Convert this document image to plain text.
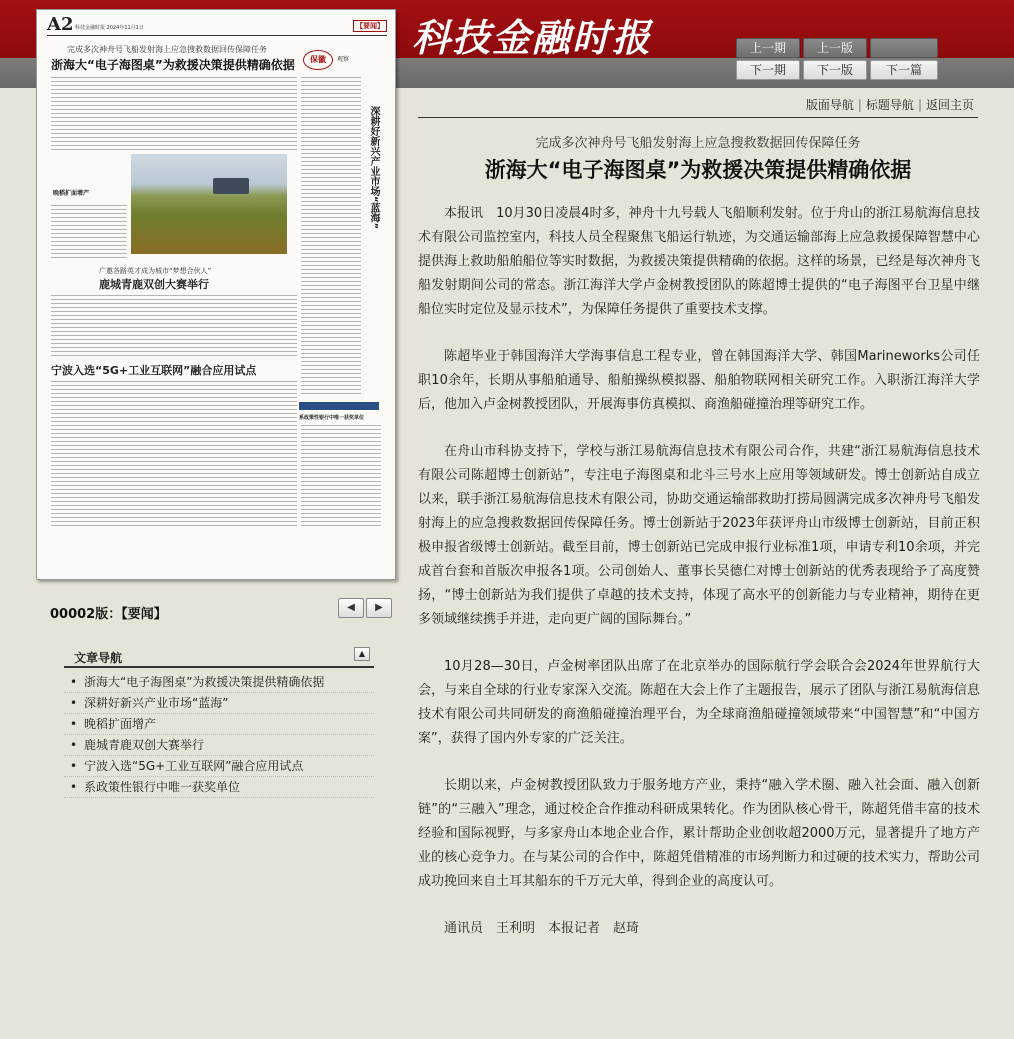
科技金融时报	上一期	上一版
下一期	下一版	下一篇
A2 科技金融时报 2024年11月1日	【要闻】
完成多次神舟号飞船发射海上应急搜救数据回传保障任务
浙海大“电子海图桌”为救援决策提供精确依据
晚稻扩面增产
广邀各路英才成为城市“梦想合伙人”
鹿城青鹿双创大赛举行
宁波入选“5G+工业互联网”融合应用试点
保徽	观察
深耕好新兴产业市场“蓝海”
系政策性银行中唯一获奖单位
00002版：【要闻】	◀	▶
文章导航	▲
• 浙海大“电子海图桌”为救援决策提供精确依据
• 深耕好新兴产业市场“蓝海”
• 晚稻扩面增产
• 鹿城青鹿双创大赛举行
• 宁波入选“5G+工业互联网”融合应用试点
• 系政策性银行中唯一获奖单位
版面导航 | 标题导航 | 返回主页
完成多次神舟号飞船发射海上应急搜救数据回传保障任务
浙海大“电子海图桌”为救援决策提供精确依据

本报讯　10月30日凌晨4时多，神舟十九号载人飞船顺利发射。位于舟山的浙江易航海信息技术有限公司监控室内，科技人员全程聚焦飞船运行轨迹，为交通运输部海上应急救援保障智慧中心提供海上救助船舶船位等实时数据，为救援决策提供精确的依据。这样的场景，已经是每次神舟飞船发射期间公司的常态。浙江海洋大学卢金树教授团队的陈超博士提供的“电子海图平台卫星中继船位实时定位及显示技术”，为保障任务提供了重要技术支撑。

陈超毕业于韩国海洋大学海事信息工程专业，曾在韩国海洋大学、韩国Marineworks公司任职10余年，长期从事船舶通导、船舶操纵模拟器、船舶物联网相关研究工作。入职浙江海洋大学后，他加入卢金树教授团队，开展海事仿真模拟、商渔船碰撞治理等研究工作。

在舟山市科协支持下，学校与浙江易航海信息技术有限公司合作，共建“浙江易航海信息技术有限公司陈超博士创新站”，专注电子海图桌和北斗三号水上应用等领域研发。博士创新站自成立以来，联手浙江易航海信息技术有限公司，协助交通运输部救助打捞局圆满完成多次神舟号飞船发射海上的应急搜救数据回传保障任务。博士创新站于2023年获评舟山市级博士创新站，目前正积极申报省级博士创新站。截至目前，博士创新站已完成申报行业标准1项，申请专利10余项，并完成首台套和首版次申报各1项。公司创始人、董事长吴德仁对博士创新站的优秀表现给予了高度赞扬，“博士创新站为我们提供了卓越的技术支持，体现了高水平的创新能力与专业精神，期待在更多领域继续携手并进，走向更广阔的国际舞台。”

10月28—30日，卢金树率团队出席了在北京举办的国际航行学会联合会2024年世界航行大会，与来自全球的行业专家深入交流。陈超在大会上作了主题报告，展示了团队与浙江易航海信息技术有限公司共同研发的商渔船碰撞治理平台，为全球商渔船碰撞领域带来“中国智慧”和“中国方案”，获得了国内外专家的广泛关注。

长期以来，卢金树教授团队致力于服务地方产业，秉持“融入学术圈、融入社会面、融入创新链”的“三融入”理念，通过校企合作推动科研成果转化。作为团队核心骨干，陈超凭借丰富的技术经验和国际视野，与多家舟山本地企业合作，累计帮助企业创收超2000万元，显著提升了地方产业的核心竞争力。在与某公司的合作中，陈超凭借精准的市场判断力和过硬的技术实力，帮助公司成功挽回来自土耳其船东的千万元大单，得到企业的高度认可。

通讯员　王利明　本报记者　赵琦
